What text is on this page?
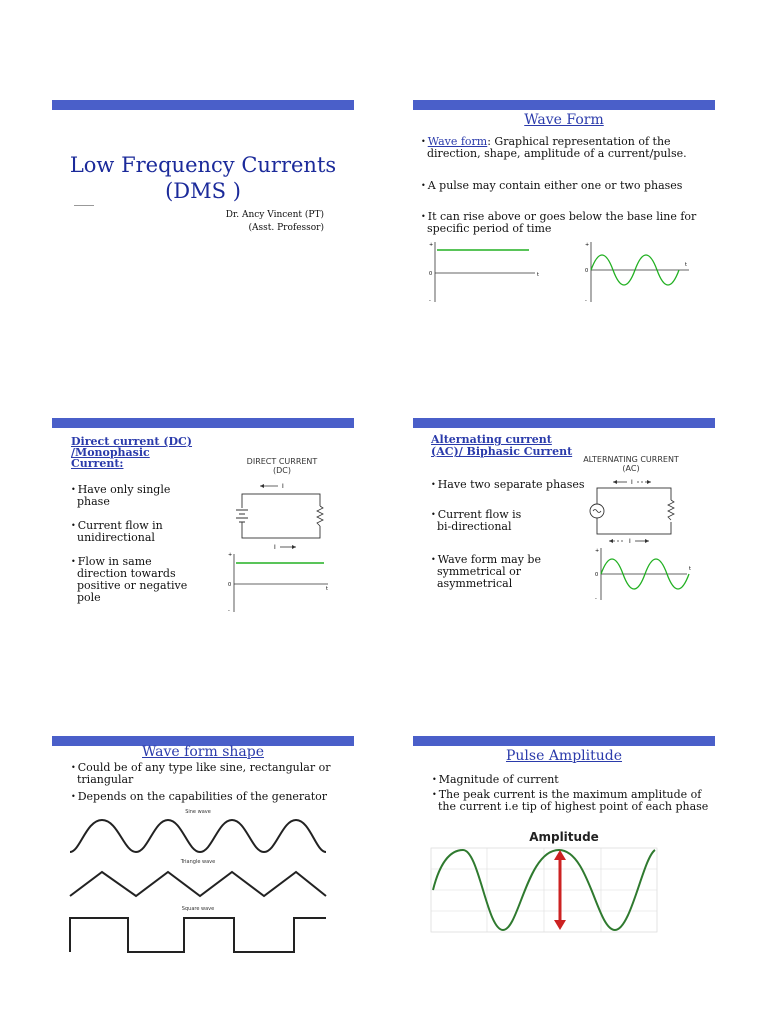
Low Frequency Currents
(DMS )
Dr. Ancy Vincent (PT)
(Asst. Professor)
Wave Form
• Wave form: Graphical representation of the
direction, shape, amplitude of a current/pulse.
• A pulse may contain either one or two phases
• It can rise above or goes below the base line for
specific period of time
+
0
-
t
+
0
-
t
Direct current (DC)
/Monophasic
Current:
• Have only single
phase
• Current flow in
unidirectional
• Flow in same
direction towards
positive or negative
pole
DIRECT CURRENT
(DC)
I
I
+
0
-
t
Alternating current
(AC)/ Biphasic Current
• Have two separate phases
• Current flow is
bi-directional
• Wave form may be
symmetrical or
asymmetrical
ALTERNATING CURRENT
(AC)
I
I
+
0
-
t
Wave form shape
• Could be of any type like sine, rectangular or
triangular
• Depends on the capabilities of the generator
Sine wave
Triangle wave
Square wave
Pulse Amplitude
• Magnitude of current
• The peak current is the maximum amplitude of
the current i.e tip of highest point of each phase
Amplitude
